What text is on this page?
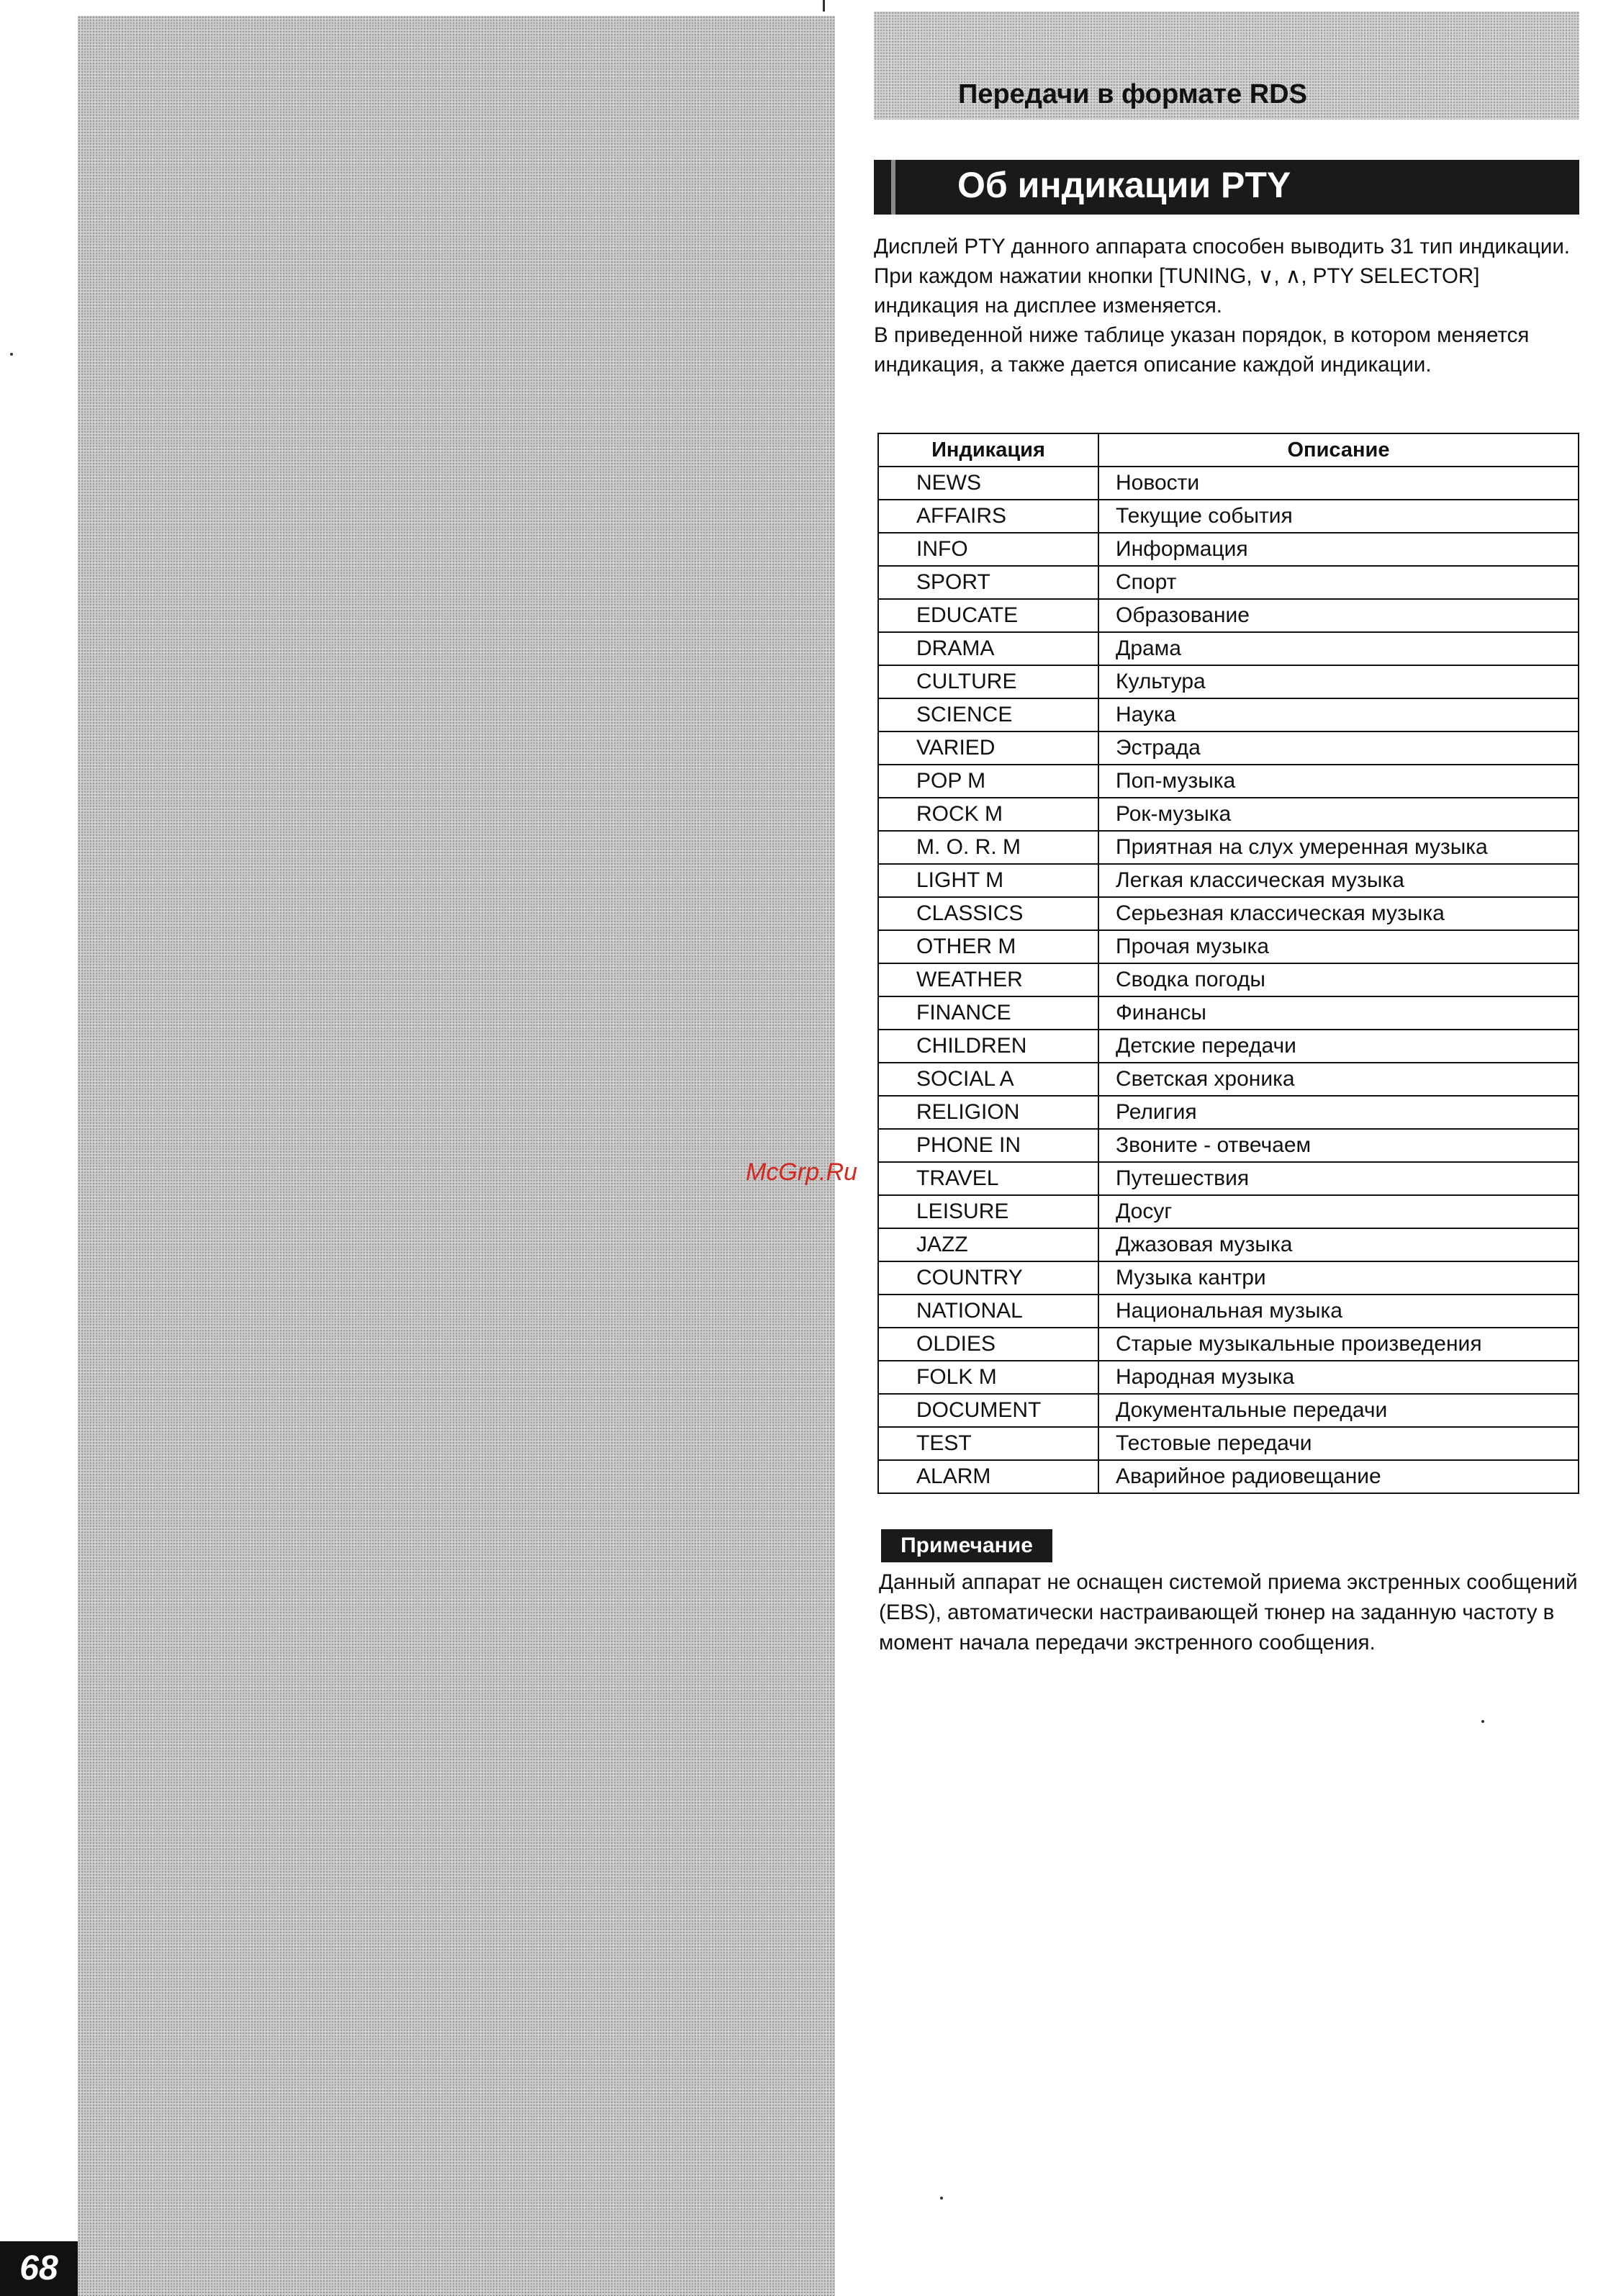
Передачи в формате RDS
Об индикации PTY

Дисплей PTY данного аппарата способен выводить 31 тип индикации. При каждом нажатии кнопки [TUNING, ∨, ∧, PTY SELECTOR] индикация на дисплее изменяется.

В приведенной ниже таблице указан порядок, в котором меняется индикация, а также дается описание каждой индикации.

Индикация	Описание
NEWS	Новости
AFFAIRS	Текущие события
INFO	Информация
SPORT	Спорт
EDUCATE	Образование
DRAMA	Драма
CULTURE	Культура
SCIENCE	Наука
VARIED	Эстрада
POP M	Поп-музыка
ROCK M	Рок-музыка
M. O. R. M	Приятная на слух умеренная музыка
LIGHT M	Легкая классическая музыка
CLASSICS	Серьезная классическая музыка
OTHER M	Прочая музыка
WEATHER	Сводка погоды
FINANCE	Финансы
CHILDREN	Детские передачи
SOCIAL A	Светская хроника
RELIGION	Религия
PHONE IN	Звоните - отвечаем
TRAVEL	Путешествия
LEISURE	Досуг
JAZZ	Джазовая музыка
COUNTRY	Музыка кантри
NATIONAL	Национальная музыка
OLDIES	Старые музыкальные произведения
FOLK M	Народная музыка
DOCUMENT	Документальные передачи
TEST	Тестовые передачи
ALARM	Аварийное радиовещание
Примечание
Данный аппарат не оснащен системой приема экстренных сообщений (EBS), автоматически настраивающей тюнер на заданную частоту в момент начала передачи экстренного сообщения.
McGrp.Ru
68
